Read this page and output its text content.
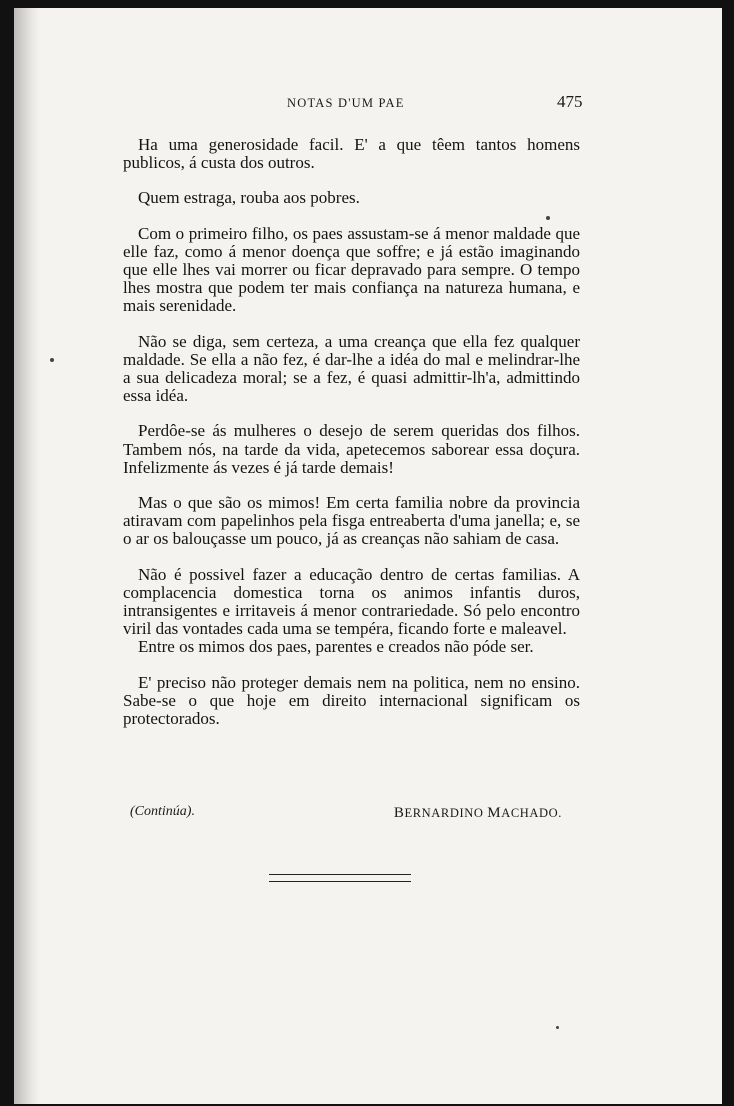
NOTAS D'UM PAE	475

Ha uma generosidade facil. E' a que têem tantos homens publicos, á custa dos outros.

Quem estraga, rouba aos pobres.

Com o primeiro filho, os paes assustam-se á menor maldade que elle faz, como á menor doença que soffre; e já estão imaginando que elle lhes vai morrer ou ficar depravado para sempre. O tempo lhes mostra que podem ter mais confiança na natureza humana, e mais serenidade.

Não se diga, sem certeza, a uma creança que ella fez qualquer maldade. Se ella a não fez, é dar-lhe a idéa do mal e melindrar-lhe a sua delicadeza moral; se a fez, é quasi admittir-lh'a, admittindo essa idéa.

Perdôe-se ás mulheres o desejo de serem queridas dos filhos. Tambem nós, na tarde da vida, apetecemos saborear essa doçura. Infelizmente ás vezes é já tarde demais!

Mas o que são os mimos! Em certa familia nobre da provincia atiravam com papelinhos pela fisga entreaberta d'uma janella; e, se o ar os balouçasse um pouco, já as creanças não sahiam de casa.

Não é possivel fazer a educação dentro de certas familias. A complacencia domestica torna os animos infantis duros, intransigentes e irritaveis á menor contrariedade. Só pelo encontro viril das vontades cada uma se tempéra, ficando forte e maleavel.

Entre os mimos dos paes, parentes e creados não póde ser.

E' preciso não proteger demais nem na politica, nem no ensino. Sabe-se o que hoje em direito internacional significam os protectorados.

(Continúa).	BERNARDINO MACHADO.
